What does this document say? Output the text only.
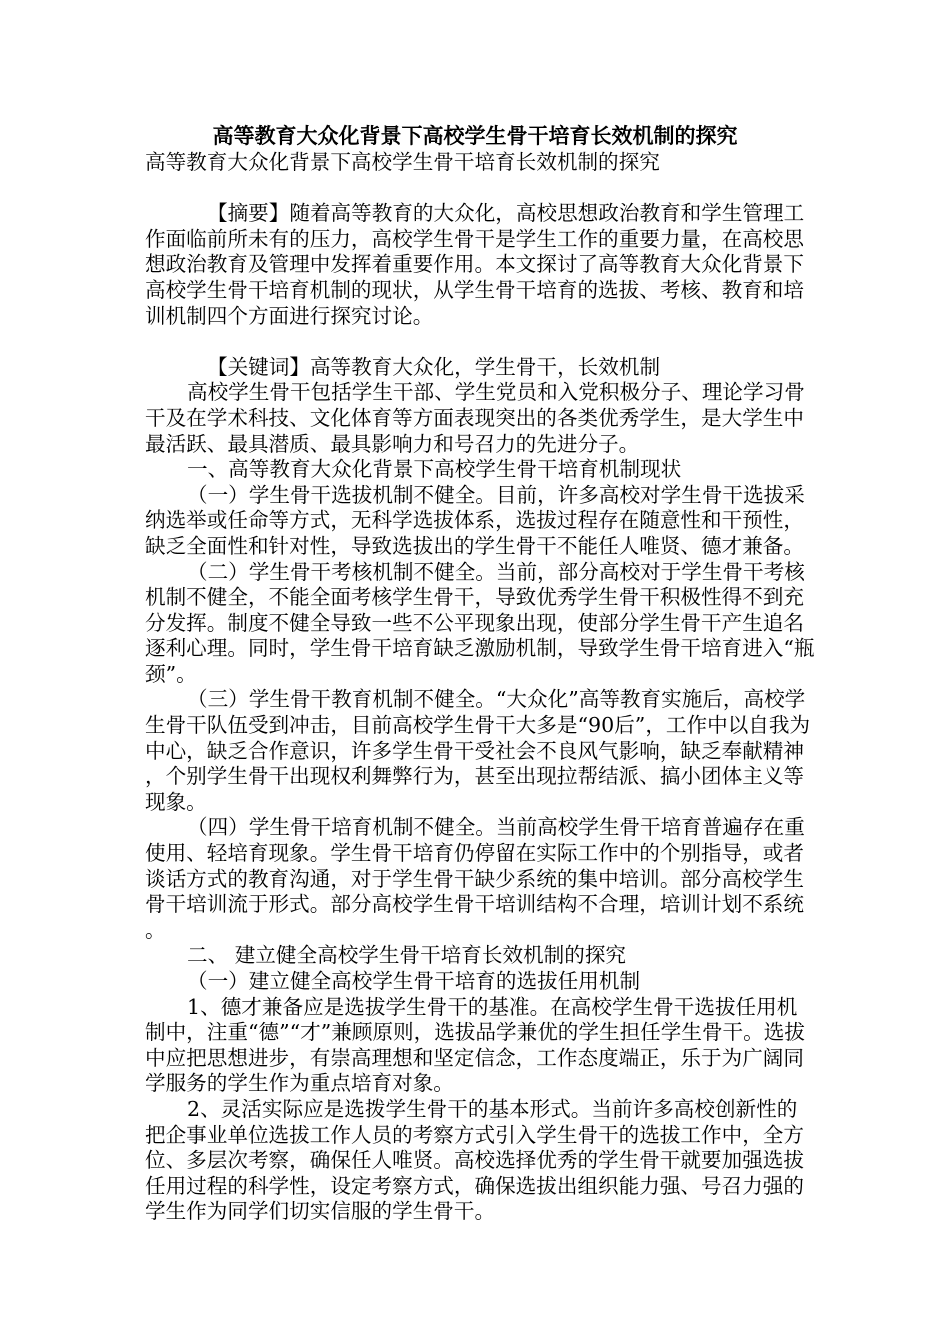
高等教育大众化背景下高校学生骨干培育长效机制的探究

高等教育大众化背景下高校学生骨干培育长效机制的探究

【摘要】随着高等教育的大众化，高校思想政治教育和学生管理工作面临前所未有的压力，高校学生骨干是学生工作的重要力量，在高校思想政治教育及管理中发挥着重要作用。本文探讨了高等教育大众化背景下高校学生骨干培育机制的现状，从学生骨干培育的选拔、考核、教育和培训机制四个方面进行探究讨论。

【关键词】高等教育大众化，学生骨干，长效机制

高校学生骨干包括学生干部、学生党员和入党积极分子、理论学习骨干及在学术科技、文化体育等方面表现突出的各类优秀学生，是大学生中最活跃、最具潜质、最具影响力和号召力的先进分子。

一、高等教育大众化背景下高校学生骨干培育机制现状

（一）学生骨干选拔机制不健全。目前，许多高校对学生骨干选拔采纳选举或任命等方式，无科学选拔体系，选拔过程存在随意性和干预性，缺乏全面性和针对性，导致选拔出的学生骨干不能任人唯贤、德才兼备。

（二）学生骨干考核机制不健全。当前，部分高校对于学生骨干考核机制不健全，不能全面考核学生骨干，导致优秀学生骨干积极性得不到充分发挥。制度不健全导致一些不公平现象出现，使部分学生骨干产生追名逐利心理。同时，学生骨干培育缺乏激励机制，导致学生骨干培育进入“瓶颈”。

（三）学生骨干教育机制不健全。“大众化”高等教育实施后，高校学生骨干队伍受到冲击，目前高校学生骨干大多是“90后”，工作中以自我为中心，缺乏合作意识，许多学生骨干受社会不良风气影响，缺乏奉献精神，个别学生骨干出现权利舞弊行为，甚至出现拉帮结派、搞小团体主义等现象。

（四）学生骨干培育机制不健全。当前高校学生骨干培育普遍存在重使用、轻培育现象。学生骨干培育仍停留在实际工作中的个别指导，或者谈话方式的教育沟通，对于学生骨干缺少系统的集中培训。部分高校学生骨干培训流于形式。部分高校学生骨干培训结构不合理，培训计划不系统。

二、 建立健全高校学生骨干培育长效机制的探究

（一）建立健全高校学生骨干培育的选拔任用机制

1、德才兼备应是选拔学生骨干的基准。在高校学生骨干选拔任用机制中，注重“德”“才”兼顾原则，选拔品学兼优的学生担任学生骨干。选拔中应把思想进步，有崇高理想和坚定信念，工作态度端正，乐于为广阔同学服务的学生作为重点培育对象。

2、灵活实际应是选拨学生骨干的基本形式。当前许多高校创新性的把企事业单位选拔工作人员的考察方式引入学生骨干的选拔工作中，全方位、多层次考察，确保任人唯贤。高校选择优秀的学生骨干就要加强选拔任用过程的科学性，设定考察方式，确保选拔出组织能力强、号召力强的学生作为同学们切实信服的学生骨干。
